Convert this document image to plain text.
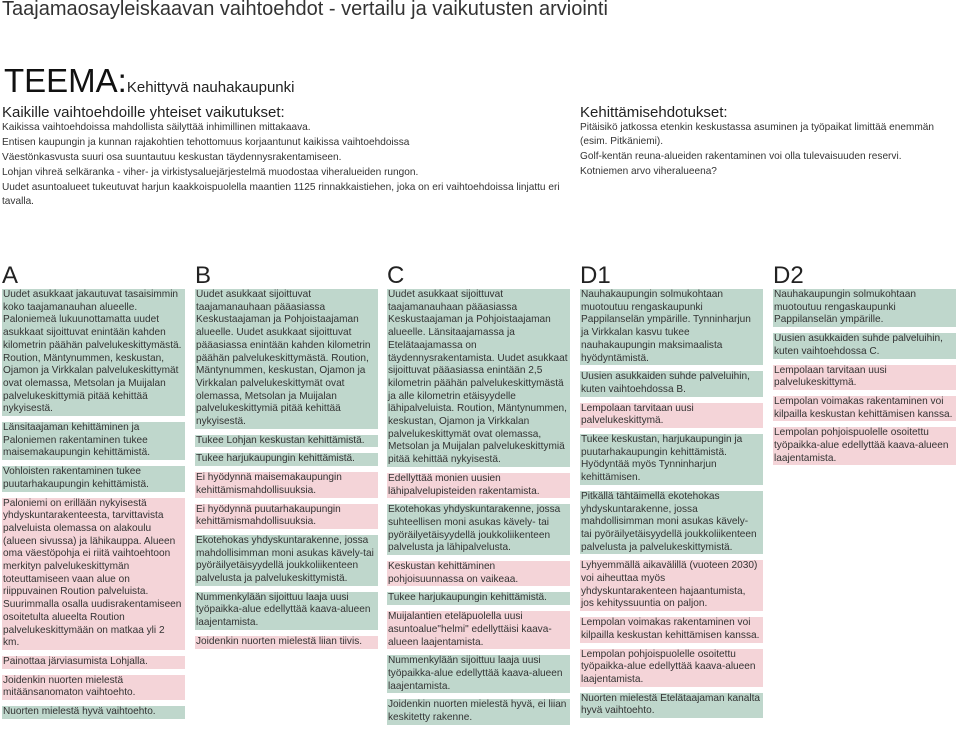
Taajamaosayleiskaavan vaihtoehdot - vertailu ja vaikutusten arviointi
TEEMA:Kehittyvä nauhakaupunki
Kaikille vaihtoehdoille yhteiset vaikutukset:

Kaikissa vaihtoehdoissa mahdollista säilyttää inhimillinen mittakaava.

Entisen kaupungin ja kunnan rajakohtien tehottomuus korjaantunut kaikissa vaihtoehdoissa

Väestönkasvusta suuri osa suuntautuu keskustan täydennysrakentamiseen.

Lohjan vihreä selkäranka - viher- ja virkistysaluejärjestelmä muodostaa viheralueiden rungon.

Uudet asuntoalueet tukeutuvat harjun kaakkoispuolella maantien 1125 rinnakkaistiehen, joka on eri vaihtoehdoissa linjattu eri tavalla.

Kehittämisehdotukset:

Pitäisikö jatkossa etenkin keskustassa asuminen ja työpaikat limittää enemmän (esim. Pitkäniemi).

Golf-kentän reuna-alueiden rakentaminen voi olla tulevaisuuden reservi.

Kotniemen arvo viheralueena?

A
Uudet asukkaat jakautuvat tasaisimmin koko taajamanauhan alueelle. Paloniemeä lukuunottamatta uudet asukkaat sijoittuvat enintään kahden kilometrin päähän palvelukeskittymästä. Roution, Mäntynummen, keskustan, Ojamon ja Virkkalan palvelukeskittymät ovat olemassa, Metsolan ja Muijalan palvelukeskittymiä pitää kehittää nykyisestä.
Länsitaajaman kehittäminen ja Paloniemen rakentaminen tukee maisemakaupungin kehittämistä.
Vohloisten rakentaminen tukee puutarhakaupungin kehittämistä.
Paloniemi on erillään nykyisestä yhdyskuntarakenteesta, tarvittavista palveluista olemassa on alakoulu (alueen sivussa) ja lähikauppa. Alueen oma väestöpohja ei riitä vaihtoehtoon merkityn palvelukeskittymän toteuttamiseen vaan alue on riippuvainen Roution palveluista. Suurimmalla osalla uudisrakentamiseen osoitetulta alueelta Roution palvelukeskittymään on matkaa yli 2 km.
Painottaa järviasumista Lohjalla.
Joidenkin nuorten mielestä mitäänsanomaton vaihtoehto.
Nuorten mielestä hyvä vaihtoehto.
B
Uudet asukkaat sijoittuvat taajamanauhaan pääasiassa Keskustaajaman ja Pohjoistaajaman alueelle. Uudet asukkaat sijoittuvat pääasiassa enintään kahden kilometrin päähän palvelukeskittymästä. Roution, Mäntynummen, keskustan, Ojamon ja Virkkalan palvelukeskittymät ovat olemassa, Metsolan ja Muijalan palvelukeskittymiä pitää kehittää nykyisestä.
Tukee Lohjan keskustan kehittämistä.
Tukee harjukaupungin kehittämistä.
Ei hyödynnä maisemakaupungin kehittämismahdollisuuksia.
Ei hyödynnä puutarhakaupungin kehittämismahdollisuuksia.
Ekotehokas yhdyskuntarakenne, jossa mahdollisimman moni asukas kävely-tai pyöräilyetäisyydellä joukkoliikenteen palvelusta ja palvelukeskittymistä.
Nummenkylään sijoittuu laaja uusi työpaikka-alue edellyttää kaava-alueen laajentamista.
Joidenkin nuorten mielestä liian tiivis.
C
Uudet asukkaat sijoittuvat taajamanauhaan pääasiassa Keskustaajaman ja Pohjoistaajaman alueelle. Länsitaajamassa ja Etelätaajamassa on täydennysrakentamista. Uudet asukkaat sijoittuvat pääasiassa enintään 2,5 kilometrin päähän palvelukeskittymästä ja alle kilometrin etäisyydelle lähipalveluista. Roution, Mäntynummen, keskustan, Ojamon ja Virkkalan palvelukeskittymät ovat olemassa, Metsolan ja Muijalan palvelukeskittymiä pitää kehittää nykyisestä.
Edellyttää monien uusien lähipalvelupisteiden rakentamista.
Ekotehokas yhdyskuntarakenne, jossa suhteellisen moni asukas kävely- tai pyöräilyetäisyydellä joukkoliikenteen palvelusta ja lähipalvelusta.
Keskustan kehittäminen pohjoisuunnassa on vaikeaa.
Tukee harjukaupungin kehittämistä.
Muijalantien eteläpuolella uusi asuntoalue"helmi" edellyttäisi kaava-alueen laajentamista.
Nummenkylään sijoittuu laaja uusi työpaikka-alue edellyttää kaava-alueen laajentamista.
Joidenkin nuorten mielestä hyvä, ei liian keskitetty rakenne.
D1
Nauhakaupungin solmukohtaan muotoutuu rengaskaupunki Pappilanselän ympärille. Tynninharjun ja Virkkalan kasvu tukee nauhakaupungin maksimaalista hyödyntämistä.
Uusien asukkaiden suhde palveluihin, kuten vaihtoehdossa B.
Lempolaan tarvitaan uusi palvelukeskittymä.
Tukee keskustan, harjukaupungin ja puutarhakaupungin kehittämistä. Hyödyntää myös Tynninharjun kehittämisen.
Pitkällä tähtäimellä ekotehokas yhdyskuntarakenne, jossa mahdollisimman moni asukas kävely- tai pyöräilyetäisyydellä joukkoliikenteen palvelusta ja palvelukeskittymistä.
Lyhyemmällä aikavälillä (vuoteen 2030) voi aiheuttaa myös yhdyskuntarakenteen hajaantumista, jos kehityssuuntia on paljon.
Lempolan voimakas rakentaminen voi kilpailla keskustan kehittämisen kanssa.
Lempolan pohjoispuolelle osoitettu työpaikka-alue edellyttää kaava-alueen laajentamista.
Nuorten mielestä Etelätaajaman kanalta hyvä vaihtoehto.
D2
Nauhakaupungin solmukohtaan muotoutuu rengaskaupunki Pappilanselän ympärille.
Uusien asukkaiden suhde palveluihin, kuten vaihtoehdossa C.
Lempolaan tarvitaan uusi palvelukeskittymä.
Lempolan voimakas rakentaminen voi kilpailla keskustan kehittämisen kanssa.
Lempolan pohjoispuolelle osoitettu työpaikka-alue edellyttää kaava-alueen laajentamista.
